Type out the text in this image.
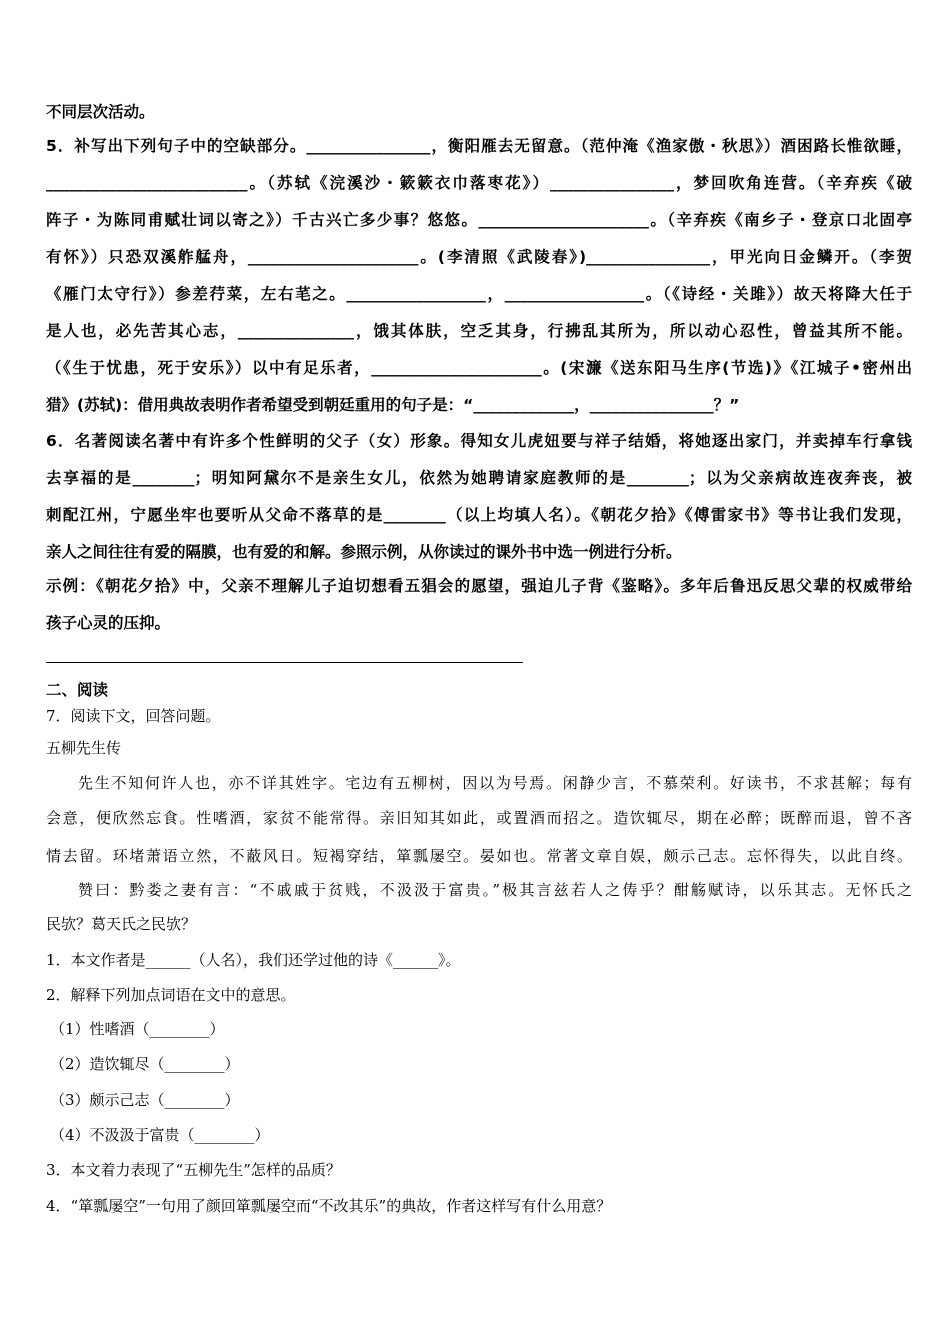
不同层次活动。
5．补写出下列句子中的空缺部分。________________，衡阳雁去无留意。（范仲淹《渔家傲・秋思》）酒困路长惟欲睡，
__________________________。（苏轼《浣溪沙・簌簌衣巾落枣花》）________________，梦回吹角连营。（辛弃疾《破
阵子・为陈同甫赋壮词以寄之》）千古兴亡多少事？悠悠。______________________。（辛弃疾《南乡子・登京口北固亭
有怀》）只恐双溪舴艋舟，______________________。(李清照《武陵春》)________________，甲光向日金鳞开。（李贺
《雁门太守行》）参差荇菜，左右芼之。__________________，__________________。（《诗经・关雎》）故天将降大任于
是人也，必先苦其心志，_______________，饿其体肤，空乏其身，行拂乱其所为，所以动心忍性，曾益其所不能。
（《生于忧患，死于安乐》）以中有足乐者，______________________。(宋濂《送东阳马生序(节选)》《江城子•密州出
猎》(苏轼)：借用典故表明作者希望受到朝廷重用的句子是：“_____________，________________？”
6．名著阅读名著中有许多个性鲜明的父子（女）形象。得知女儿虎妞要与祥子结婚，将她逐出家门，并卖掉车行拿钱
去享福的是________；明知阿黛尔不是亲生女儿，依然为她聘请家庭教师的是________；以为父亲病故连夜奔丧，被
刺配江州，宁愿坐牢也要听从父命不落草的是________（以上均填人名）。《朝花夕拾》《傅雷家书》等书让我们发现，
亲人之间往往有爱的隔膜，也有爱的和解。参照示例，从你读过的课外书中选一例进行分析。
示例：《朝花夕拾》中，父亲不理解儿子迫切想看五猖会的愿望，强迫儿子背《鉴略》。多年后鲁迅反思父辈的权威带给
孩子心灵的压抑。
二、阅读
7．阅读下文，回答问题。
五柳先生传
先生不知何许人也，亦不详其姓字。宅边有五柳树，因以为号焉。闲静少言，不慕荣利。好读书，不求甚解；每有
会意，便欣然忘食。性嗜酒，家贫不能常得。亲旧知其如此，或置酒而招之。造饮辄尽，期在必醉；既醉而退，曾不吝
情去留。环堵萧语立然，不蔽风日。短褐穿结，箪瓢屡空。晏如也。常著文章自娱，颇示己志。忘怀得失，以此自终。
赞曰：黔娄之妻有言：“不戚戚于贫贱，不汲汲于富贵。”极其言兹若人之俦乎？酣觞赋诗，以乐其志。无怀氏之
民欤？葛天氏之民欤？
1．本文作者是______（人名），我们还学过他的诗《______》。
2．解释下列加点词语在文中的意思。
（1）性嗜酒（________）
（2）造饮辄尽（________）
（3）颇示己志（________）
（4）不汲汲于富贵（________）
3．本文着力表现了“五柳先生”怎样的品质？
4．“箪瓢屡空”一句用了颜回箪瓢屡空而“不改其乐”的典故，作者这样写有什么用意？
